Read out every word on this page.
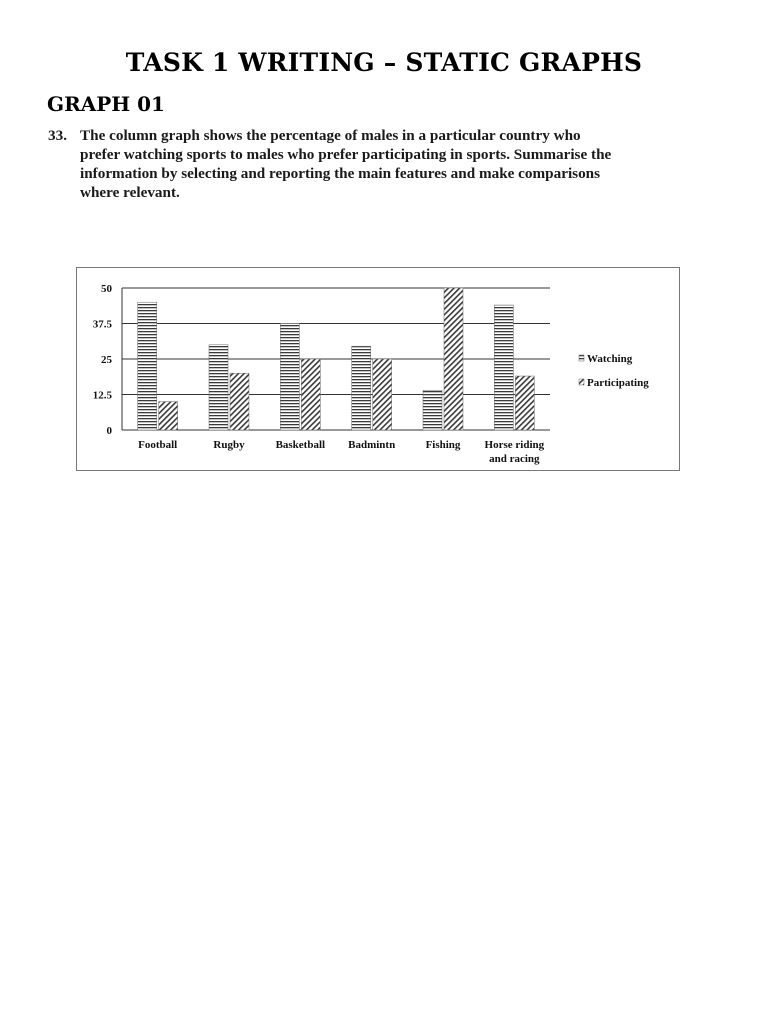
TASK 1 WRITING – STATIC GRAPHS
GRAPH 01
33. The column graph shows the percentage of males in a particular country who
prefer watching sports to males who prefer participating in sports. Summarise the
information by selecting and reporting the main features and make comparisons
where relevant.
0
12.5
25
37.5
50
Football	Rugby	Basketball Badmintn	Fishing Horse riding
and racing
Watching
Participating
